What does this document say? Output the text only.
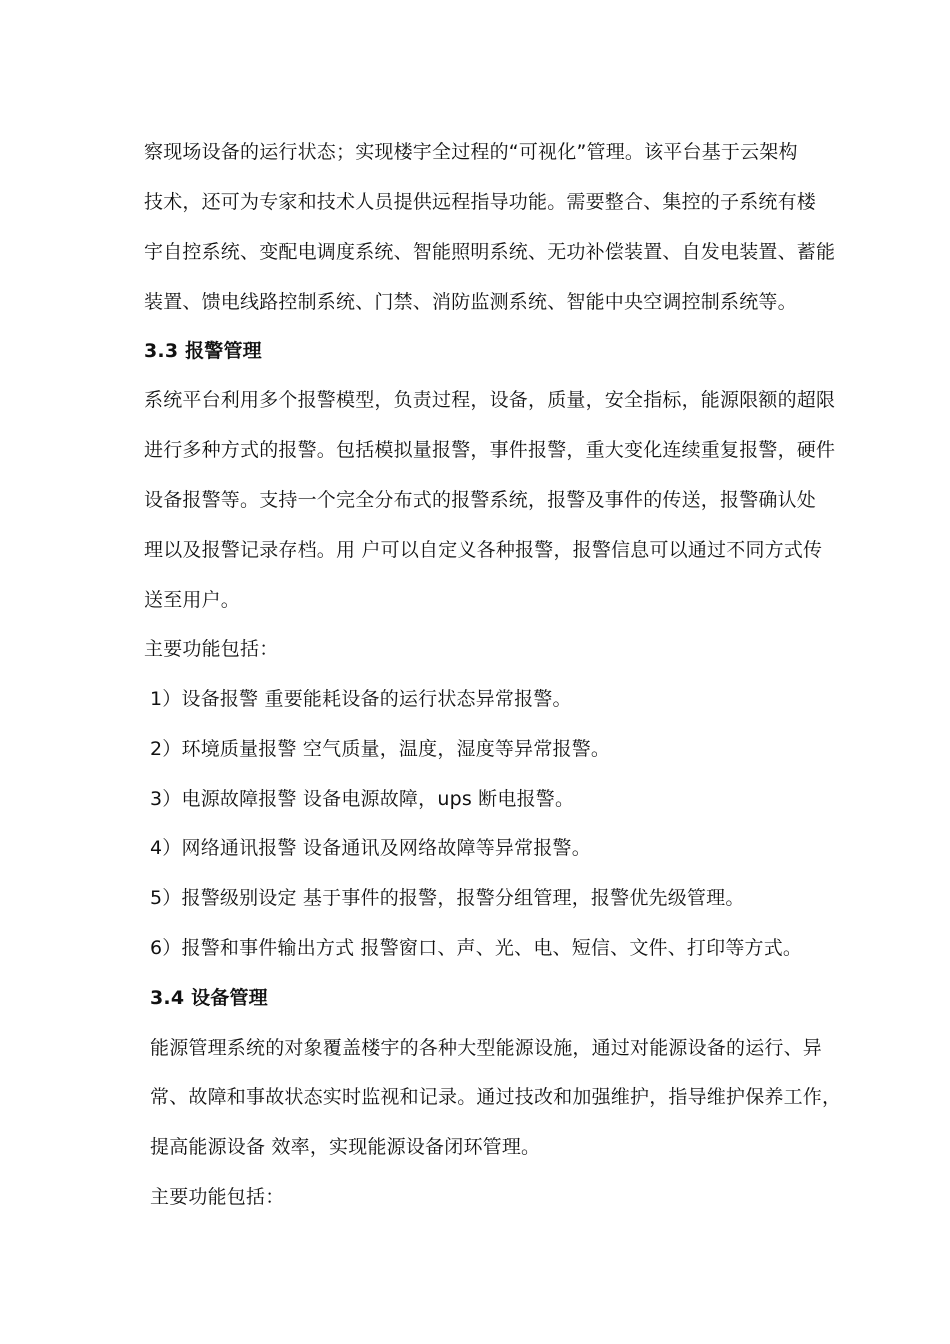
察现场设备的运行状态；实现楼宇全过程的“可视化”管理。该平台基于云架构
技术，还可为专家和技术人员提供远程指导功能。需要整合、集控的子系统有楼
宇自控系统、变配电调度系统、智能照明系统、无功补偿装置、自发电装置、蓄能
装置、馈电线路控制系统、门禁、消防监测系统、智能中央空调控制系统等。
3.3 报警管理
系统平台利用多个报警模型，负责过程，设备，质量，安全指标，能源限额的超限
进行多种方式的报警。包括模拟量报警，事件报警，重大变化连续重复报警，硬件
设备报警等。支持一个完全分布式的报警系统，报警及事件的传送，报警确认处
理以及报警记录存档。用 户可以自定义各种报警，报警信息可以通过不同方式传
送至用户。
主要功能包括：
1）设备报警 重要能耗设备的运行状态异常报警。
2）环境质量报警 空气质量，温度，湿度等异常报警。
3）电源故障报警 设备电源故障，ups 断电报警。
4）网络通讯报警 设备通讯及网络故障等异常报警。
5）报警级别设定 基于事件的报警，报警分组管理，报警优先级管理。
6）报警和事件输出方式 报警窗口、声、光、电、短信、文件、打印等方式。
3.4 设备管理
能源管理系统的对象覆盖楼宇的各种大型能源设施，通过对能源设备的运行、异
常、故障和事故状态实时监视和记录。通过技改和加强维护，指导维护保养工作，
提高能源设备 效率，实现能源设备闭环管理。
主要功能包括：
